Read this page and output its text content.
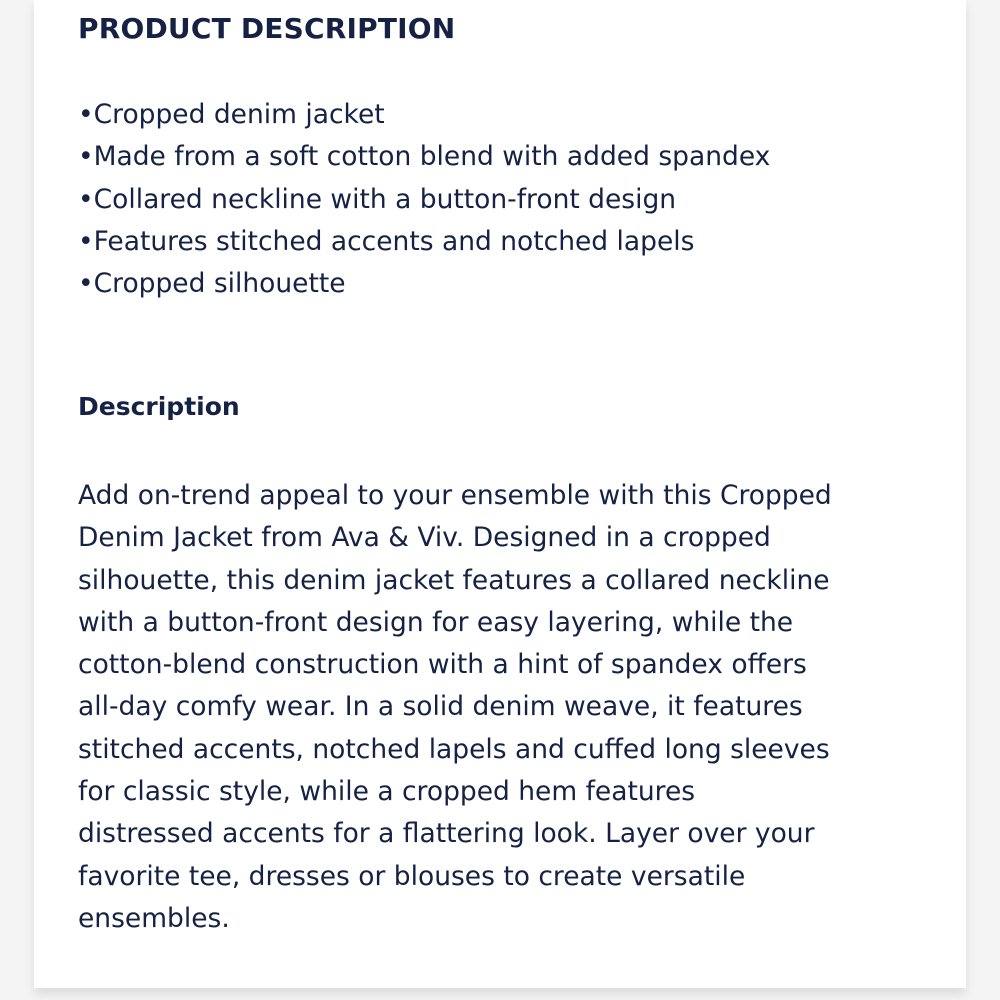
PRODUCT DESCRIPTION
•Cropped denim jacket
•Made from a soft cotton blend with added spandex
•Collared neckline with a button-front design
•Features stitched accents and notched lapels
•Cropped silhouette
Description

Add on-trend appeal to your ensemble with this Cropped Denim Jacket from Ava & Viv. Designed in a cropped silhouette, this denim jacket features a collared neckline with a button-front design for easy layering, while the cotton-blend construction with a hint of spandex offers all-day comfy wear. In a solid denim weave, it features stitched accents, notched lapels and cuffed long sleeves for classic style, while a cropped hem features distressed accents for a flattering look. Layer over your favorite tee, dresses or blouses to create versatile ensembles.
